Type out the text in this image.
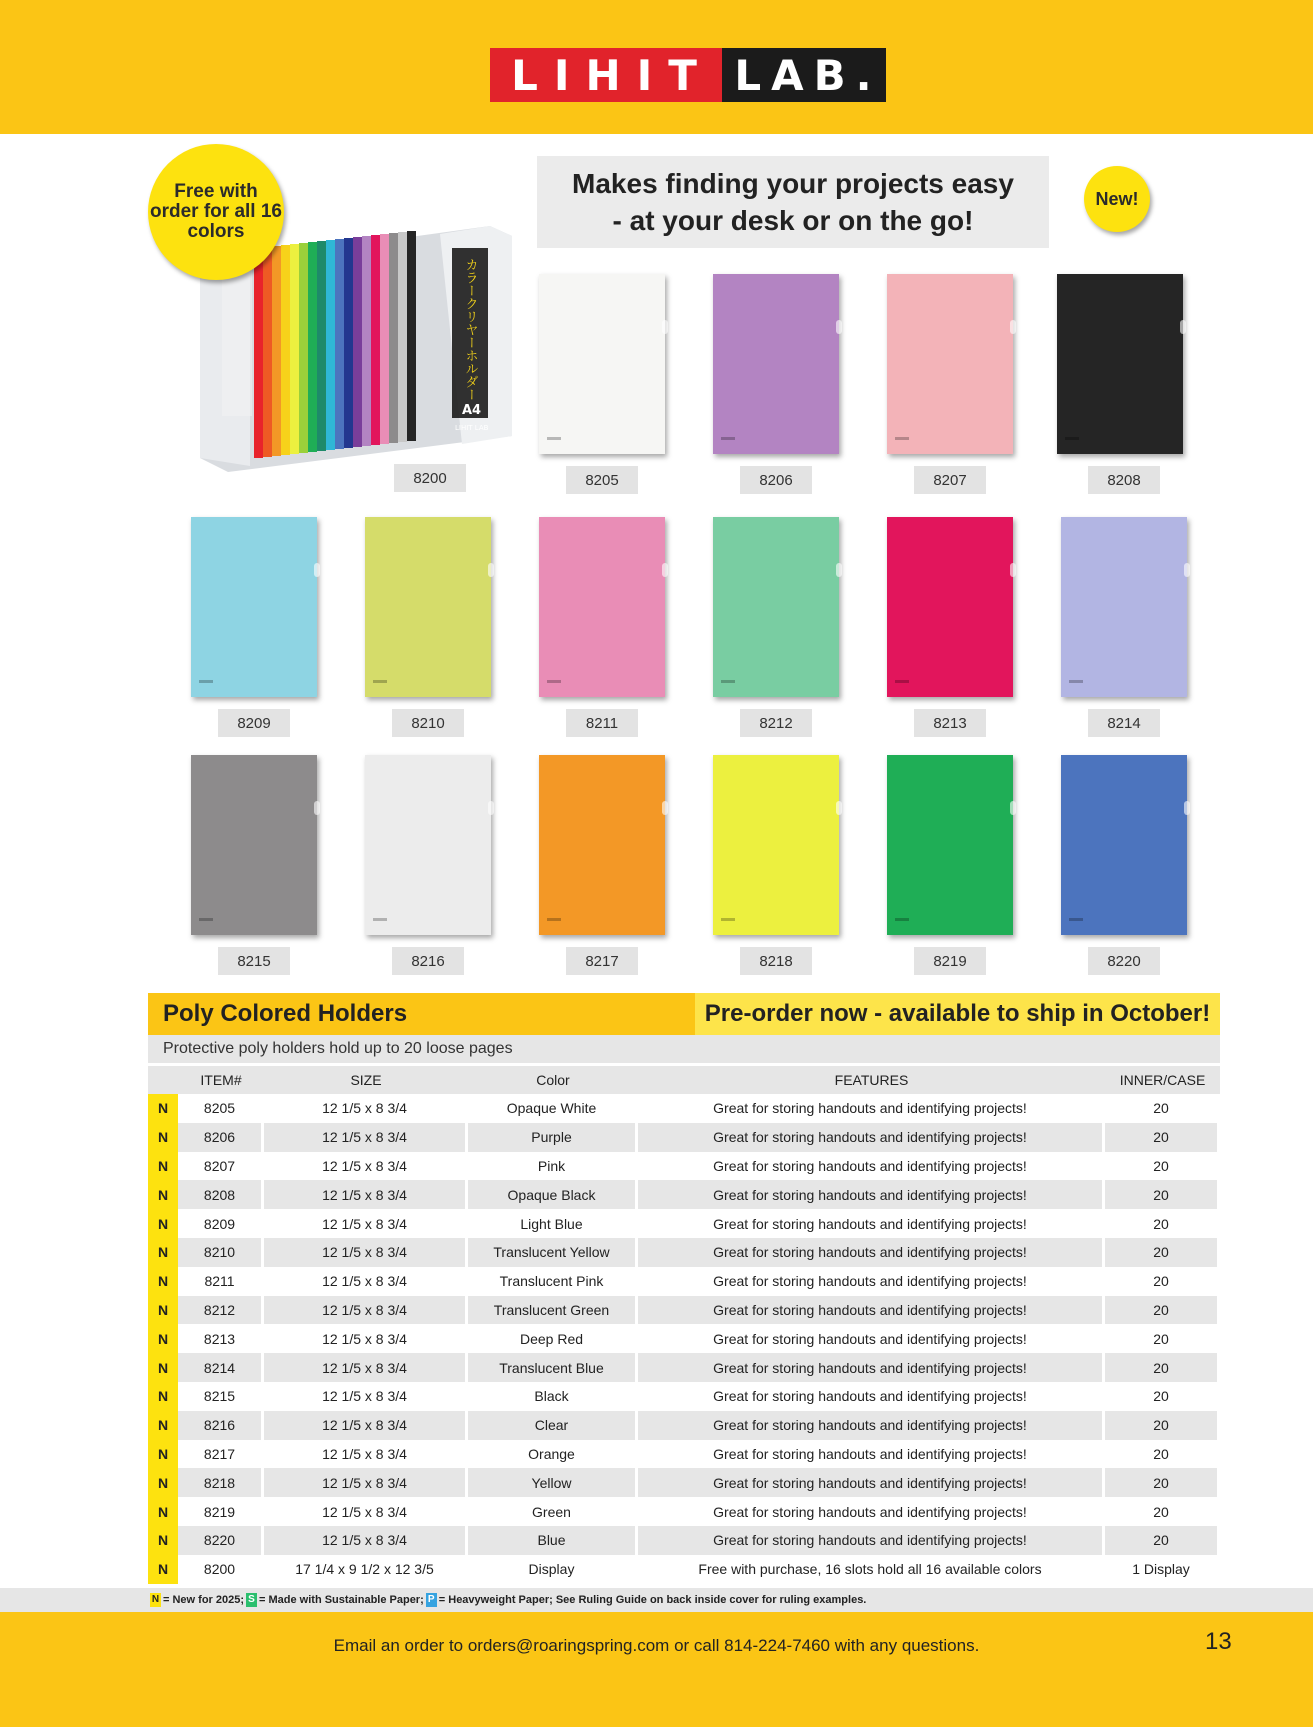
LIHIT LAB.
カラークリヤーホルダー
A4
LIHIT LAB
Free with order for all 16 colors
Makes finding your projects easy
- at your desk or on the go!
New!
8200	8205	8206	8207	8208
8209	8210	8211	8212	8213	8214
8215	8216	8217	8218	8219	8220
Poly Colored Holders	Pre-order now - available to ship in October!
Protective poly holders hold up to 20 loose pages
	ITEM#	SIZE	Color	FEATURES	INNER/CASE
N	8205	12 1/5 x 8 3/4	Opaque White	Great for storing handouts and identifying projects!	20
N	8206	12 1/5 x 8 3/4	Purple	Great for storing handouts and identifying projects!	20
N	8207	12 1/5 x 8 3/4	Pink	Great for storing handouts and identifying projects!	20
N	8208	12 1/5 x 8 3/4	Opaque Black	Great for storing handouts and identifying projects!	20
N	8209	12 1/5 x 8 3/4	Light Blue	Great for storing handouts and identifying projects!	20
N	8210	12 1/5 x 8 3/4	Translucent Yellow	Great for storing handouts and identifying projects!	20
N	8211	12 1/5 x 8 3/4	Translucent Pink	Great for storing handouts and identifying projects!	20
N	8212	12 1/5 x 8 3/4	Translucent Green	Great for storing handouts and identifying projects!	20
N	8213	12 1/5 x 8 3/4	Deep Red	Great for storing handouts and identifying projects!	20
N	8214	12 1/5 x 8 3/4	Translucent Blue	Great for storing handouts and identifying projects!	20
N	8215	12 1/5 x 8 3/4	Black	Great for storing handouts and identifying projects!	20
N	8216	12 1/5 x 8 3/4	Clear	Great for storing handouts and identifying projects!	20
N	8217	12 1/5 x 8 3/4	Orange	Great for storing handouts and identifying projects!	20
N	8218	12 1/5 x 8 3/4	Yellow	Great for storing handouts and identifying projects!	20
N	8219	12 1/5 x 8 3/4	Green	Great for storing handouts and identifying projects!	20
N	8220	12 1/5 x 8 3/4	Blue	Great for storing handouts and identifying projects!	20
N	8200	17 1/4 x 9 1/2 x 12 3/5	Display	Free with purchase, 16 slots hold all 16 available colors	1 Display
N = New for 2025; S = Made with Sustainable Paper; P = Heavyweight Paper; See Ruling Guide on back inside cover for ruling examples.
Email an order to orders@roaringspring.com or call 814-224-7460 with any questions.	13
